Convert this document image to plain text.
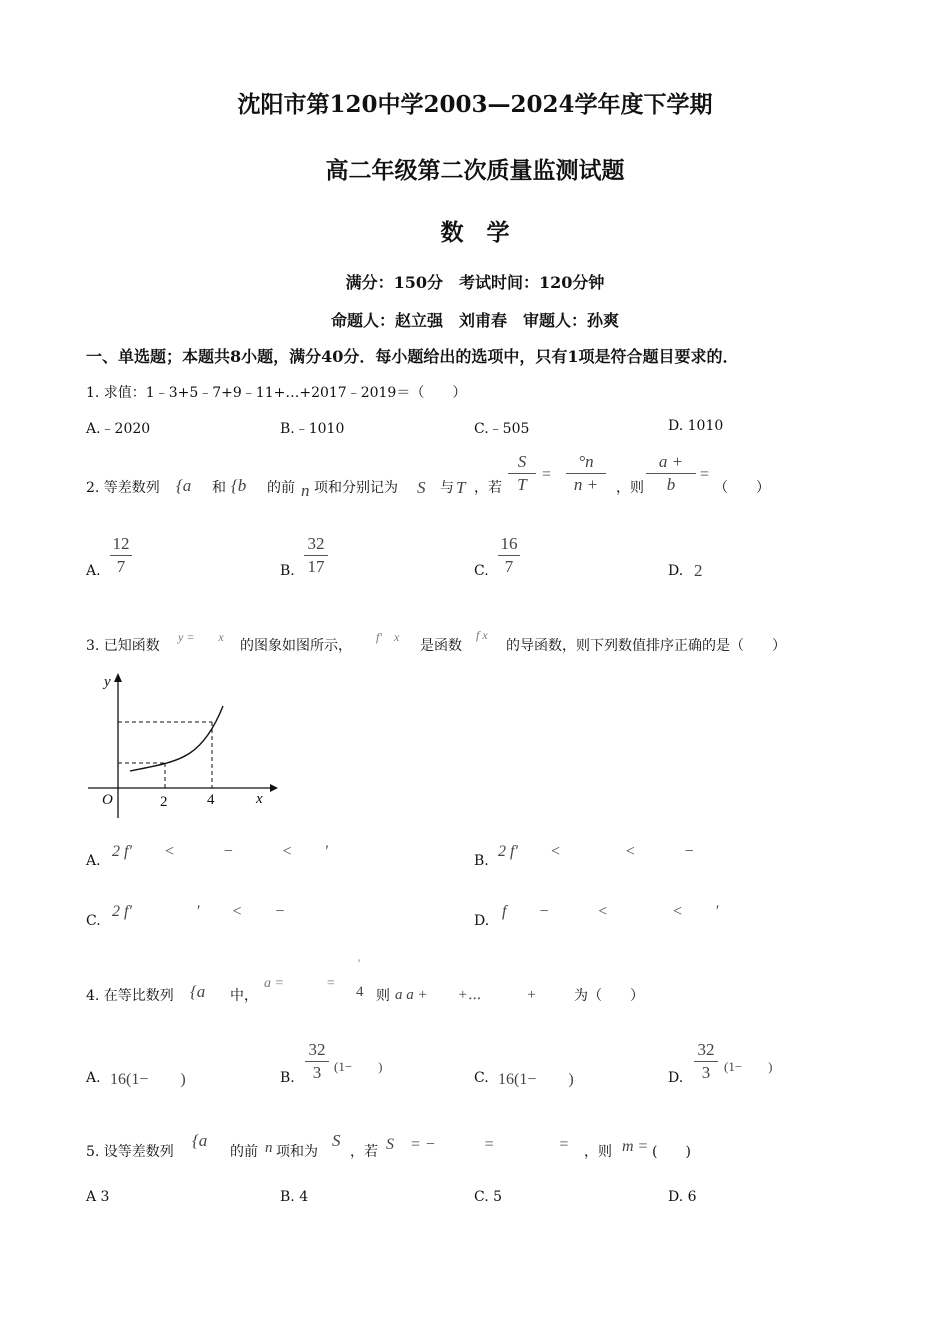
沈阳市第120中学2003—2024学年度下学期
高二年级第二次质量监测试题
数　学
满分：150分　考试时间：120分钟
命题人：赵立强　刘甫春　审题人：孙爽
一、单选题；本题共8小题，满分40分．每小题给出的选项中，只有1项是符合题目要求的．
1. 求值：1﹣3+5﹣7+9﹣11+…+2017﹣2019＝（　　）
A.﹣2020	B.﹣1010	C.﹣505	D. 1010
2. 等差数列 {a 和 {b 的前 n 项和分别记为 S 与 T ，若
S
T
=
°n
n +	，则
a +
b
=
（　　）
A.
12
7	B.
32
17	C.
16
7	D. 2
3. 已知函数
y =　　x
的图象如图所示，
f′　x
是函数
f x
的导函数，则下列数值排序正确的是（　　）
y
x
O	2	4
A.
2 f′　　<　　　−　　　<　　′
B.
2 f′　　<　　　　<　　　−
C.
2 f′　　　　′　　<　　−
D.
f　　−　　　<　　　　<　　′
4. 在等比数列 {a 中，
a =　　　=
'
4 则 a a +　　+⋯　　　+	为（　　）
A. 16(1−　　)	B.
32
3 (1−　　)
C. 16(1−　　)	D.
32
3	(1−　　)
5. 设等差数列
{a
的前 n 项和为
S
，若 S　= −　　　=　　　　= ，则 m = (　　)
A 3	B. 4	C. 5	D. 6
